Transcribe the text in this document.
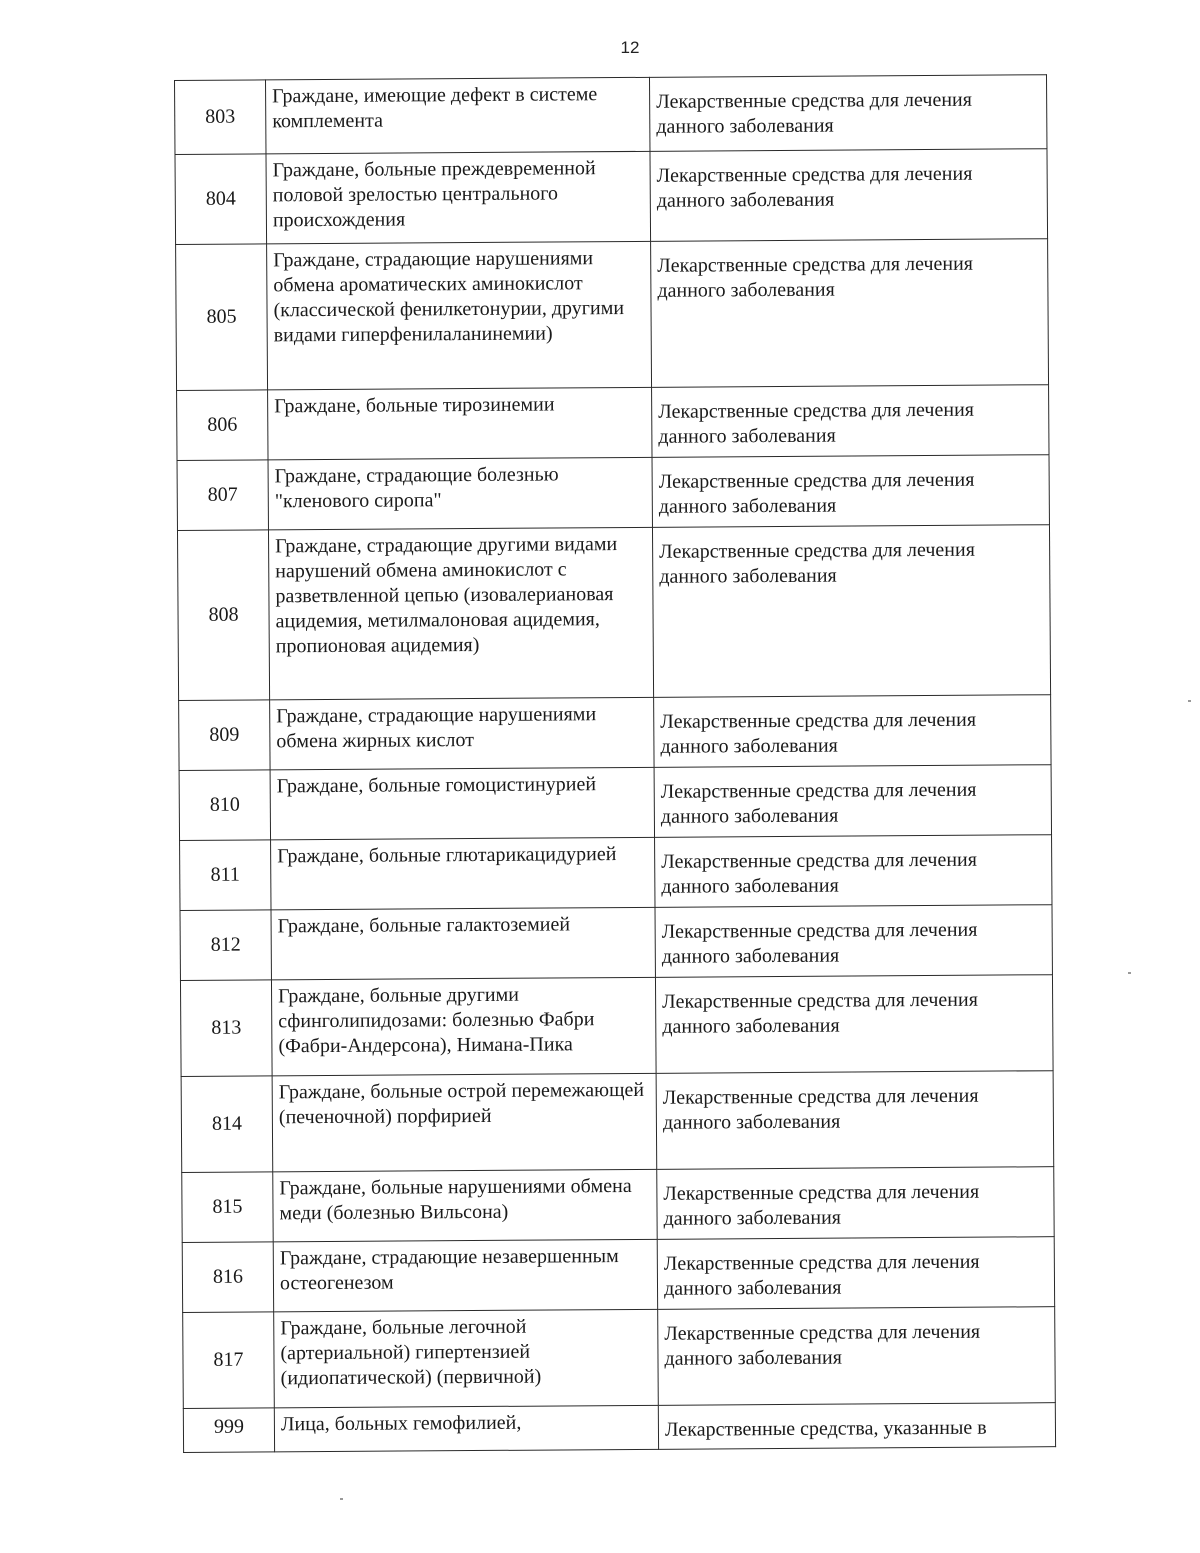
12
803	Граждане, имеющие дефект в системе комплемента	Лекарственные средства для лечения данного заболевания
804	Граждане, больные преждевременной половой зрелостью центрального происхождения	Лекарственные средства для лечения данного заболевания
805	Граждане, страдающие нарушениями обмена ароматических аминокислот (классической фенилкетонурии, другими видами гиперфенилаланинемии)	Лекарственные средства для лечения данного заболевания
806	Граждане, больные тирозинемии	Лекарственные средства для лечения данного заболевания
807	Граждане, страдающие болезнью "кленового сиропа"	Лекарственные средства для лечения данного заболевания
808	Граждане, страдающие другими видами нарушений обмена аминокислот с разветвленной цепью (изовалериановая ацидемия, метилмалоновая ацидемия, пропионовая ацидемия)	Лекарственные средства для лечения данного заболевания
809	Граждане, страдающие нарушениями обмена жирных кислот	Лекарственные средства для лечения данного заболевания
810	Граждане, больные гомоцистинурией	Лекарственные средства для лечения данного заболевания
811	Граждане, больные глютарикацидурией	Лекарственные средства для лечения данного заболевания
812	Граждане, больные галактоземией	Лекарственные средства для лечения данного заболевания
813	Граждане, больные другими сфинголипидозами: болезнью Фабри (Фабри-Андерсона), Нимана-Пика	Лекарственные средства для лечения данного заболевания
814	Граждане, больные острой перемежающей (печеночной) порфирией	Лекарственные средства для лечения данного заболевания
815	Граждане, больные нарушениями обмена меди (болезнью Вильсона)	Лекарственные средства для лечения данного заболевания
816	Граждане, страдающие незавершенным остеогенезом	Лекарственные средства для лечения данного заболевания
817	Граждане, больные легочной (артериальной) гипертензией (идиопатической) (первичной)	Лекарственные средства для лечения данного заболевания
999	Лица, больных гемофилией,	Лекарственные средства, указанные в
